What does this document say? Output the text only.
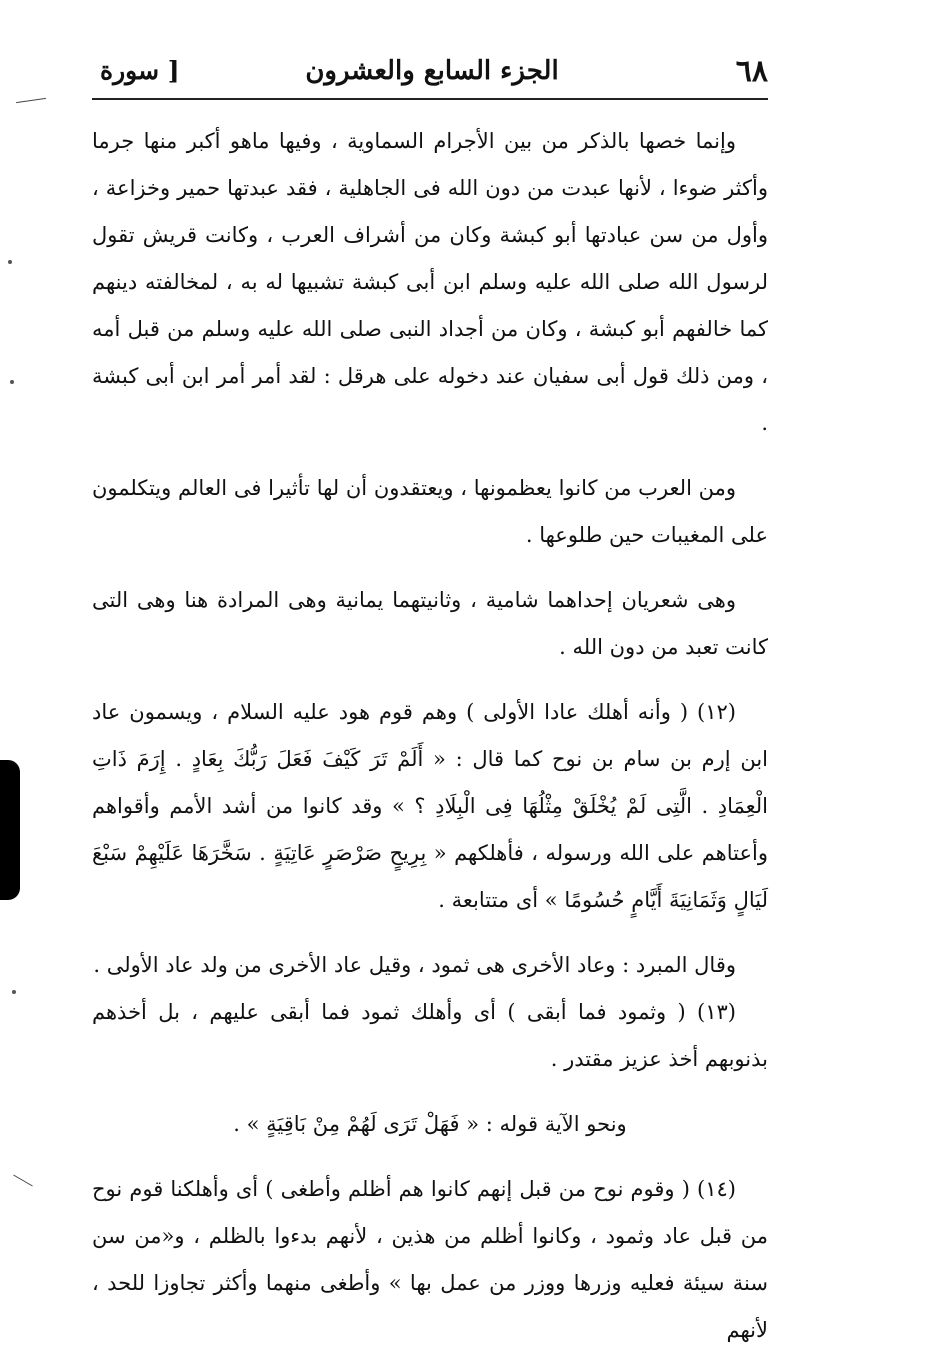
٦٨
الجزء السابع والعشرون
[ سورة

وإنما خصها بالذكر من بين الأجرام السماوية ، وفيها ماهو أكبر منها جرما وأكثر ضوءا ، لأنها عبدت من دون الله فى الجاهلية ، فقد عبدتها حمير وخزاعة ، وأول من سن عبادتها أبو كبشة وكان من أشراف العرب ، وكانت قريش تقول لرسول الله صلى الله عليه وسلم ابن أبى كبشة تشبيها له به ، لمخالفته دينهم كما خالفهم أبو كبشة ، وكان من أجداد النبى صلى الله عليه وسلم من قبل أمه ، ومن ذلك قول أبى سفيان عند دخوله على هرقل : لقد أمر أمر ابن أبى كبشة .

ومن العرب من كانوا يعظمونها ، ويعتقدون أن لها تأثيرا فى العالم ويتكلمون على المغيبات حين طلوعها .

وهى شعريان إحداهما شامية ، وثانيتهما يمانية وهى المرادة هنا وهى التى كانت تعبد من دون الله .

(١٢) ( وأنه أهلك عادا الأولى ) وهم قوم هود عليه السلام ، ويسمون عاد ابن إرم بن سام بن نوح كما قال : « أَلَمْ تَرَ كَيْفَ فَعَلَ رَبُّكَ بِعَادٍ . إِرَمَ ذَاتِ الْعِمَادِ . الَّتِى لَمْ يُخْلَقْ مِثْلُهَا فِى الْبِلَادِ ؟ » وقد كانوا من أشد الأمم وأقواهم وأعتاهم على الله ورسوله ، فأهلكهم « بِرِيحٍ صَرْصَرٍ عَاتِيَةٍ . سَخَّرَهَا عَلَيْهِمْ سَبْعَ لَيَالٍ وَثَمَانِيَةَ أَيَّامٍ حُسُومًا » أى متتابعة .

وقال المبرد : وعاد الأخرى هى ثمود ، وقيل عاد الأخرى من ولد عاد الأولى .

(١٣) ( وثمود فما أبقى ) أى وأهلك ثمود فما أبقى عليهم ، بل أخذهم بذنوبهم أخذ عزيز مقتدر .

ونحو الآية قوله : « فَهَلْ تَرَى لَهُمْ مِنْ بَاقِيَةٍ » .

(١٤) ( وقوم نوح من قبل إنهم كانوا هم أظلم وأطغى ) أى وأهلكنا قوم نوح من قبل عاد وثمود ، وكانوا أظلم من هذين ، لأنهم بدءوا بالظلم ، و«من سن سنة سيئة فعليه وزرها ووزر من عمل بها » وأطغى منهما وأكثر تجاوزا للحد ، لأنهم
